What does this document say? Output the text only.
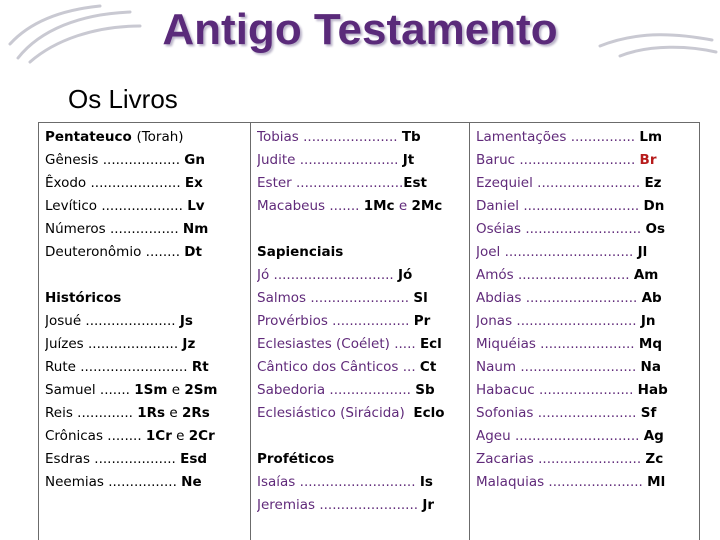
Antigo Testamento
Os Livros
Pentateuco (Torah)
Gênesis .................. Gn
Êxodo ..................... Ex
Levítico ................... Lv
Números ................ Nm
Deuteronômio ........ Dt
Históricos
Josué ..................... Js
Juízes ..................... Jz
Rute ......................... Rt
Samuel ....... 1Sm e 2Sm
Reis ............. 1Rs e 2Rs
Crônicas ........ 1Cr e 2Cr
Esdras ................... Esd
Neemias ................ Ne

Tobias ...................... Tb
Judite ....................... Jt
Ester .........................Est
Macabeus ....... 1Mc e 2Mc
Sapienciais
Jó ............................ Jó
Salmos ....................... Sl
Provérbios .................. Pr
Eclesiastes (Coélet) ..... Ecl
Cântico dos Cânticos ... Ct
Sabedoria ................... Sb
Eclesiástico (Sirácida) Eclo
Proféticos
Isaías ........................... Is
Jeremias ....................... Jr

Lamentações ............... Lm
Baruc ........................... Br
Ezequiel ........................ Ez
Daniel ........................... Dn
Oséias ........................... Os
Joel .............................. Jl
Amós .......................... Am
Abdias .......................... Ab
Jonas ............................ Jn
Miquéias ...................... Mq
Naum ........................... Na
Habacuc ...................... Hab
Sofonias ....................... Sf
Ageu ............................. Ag
Zacarias ........................ Zc
Malaquias ...................... Ml
